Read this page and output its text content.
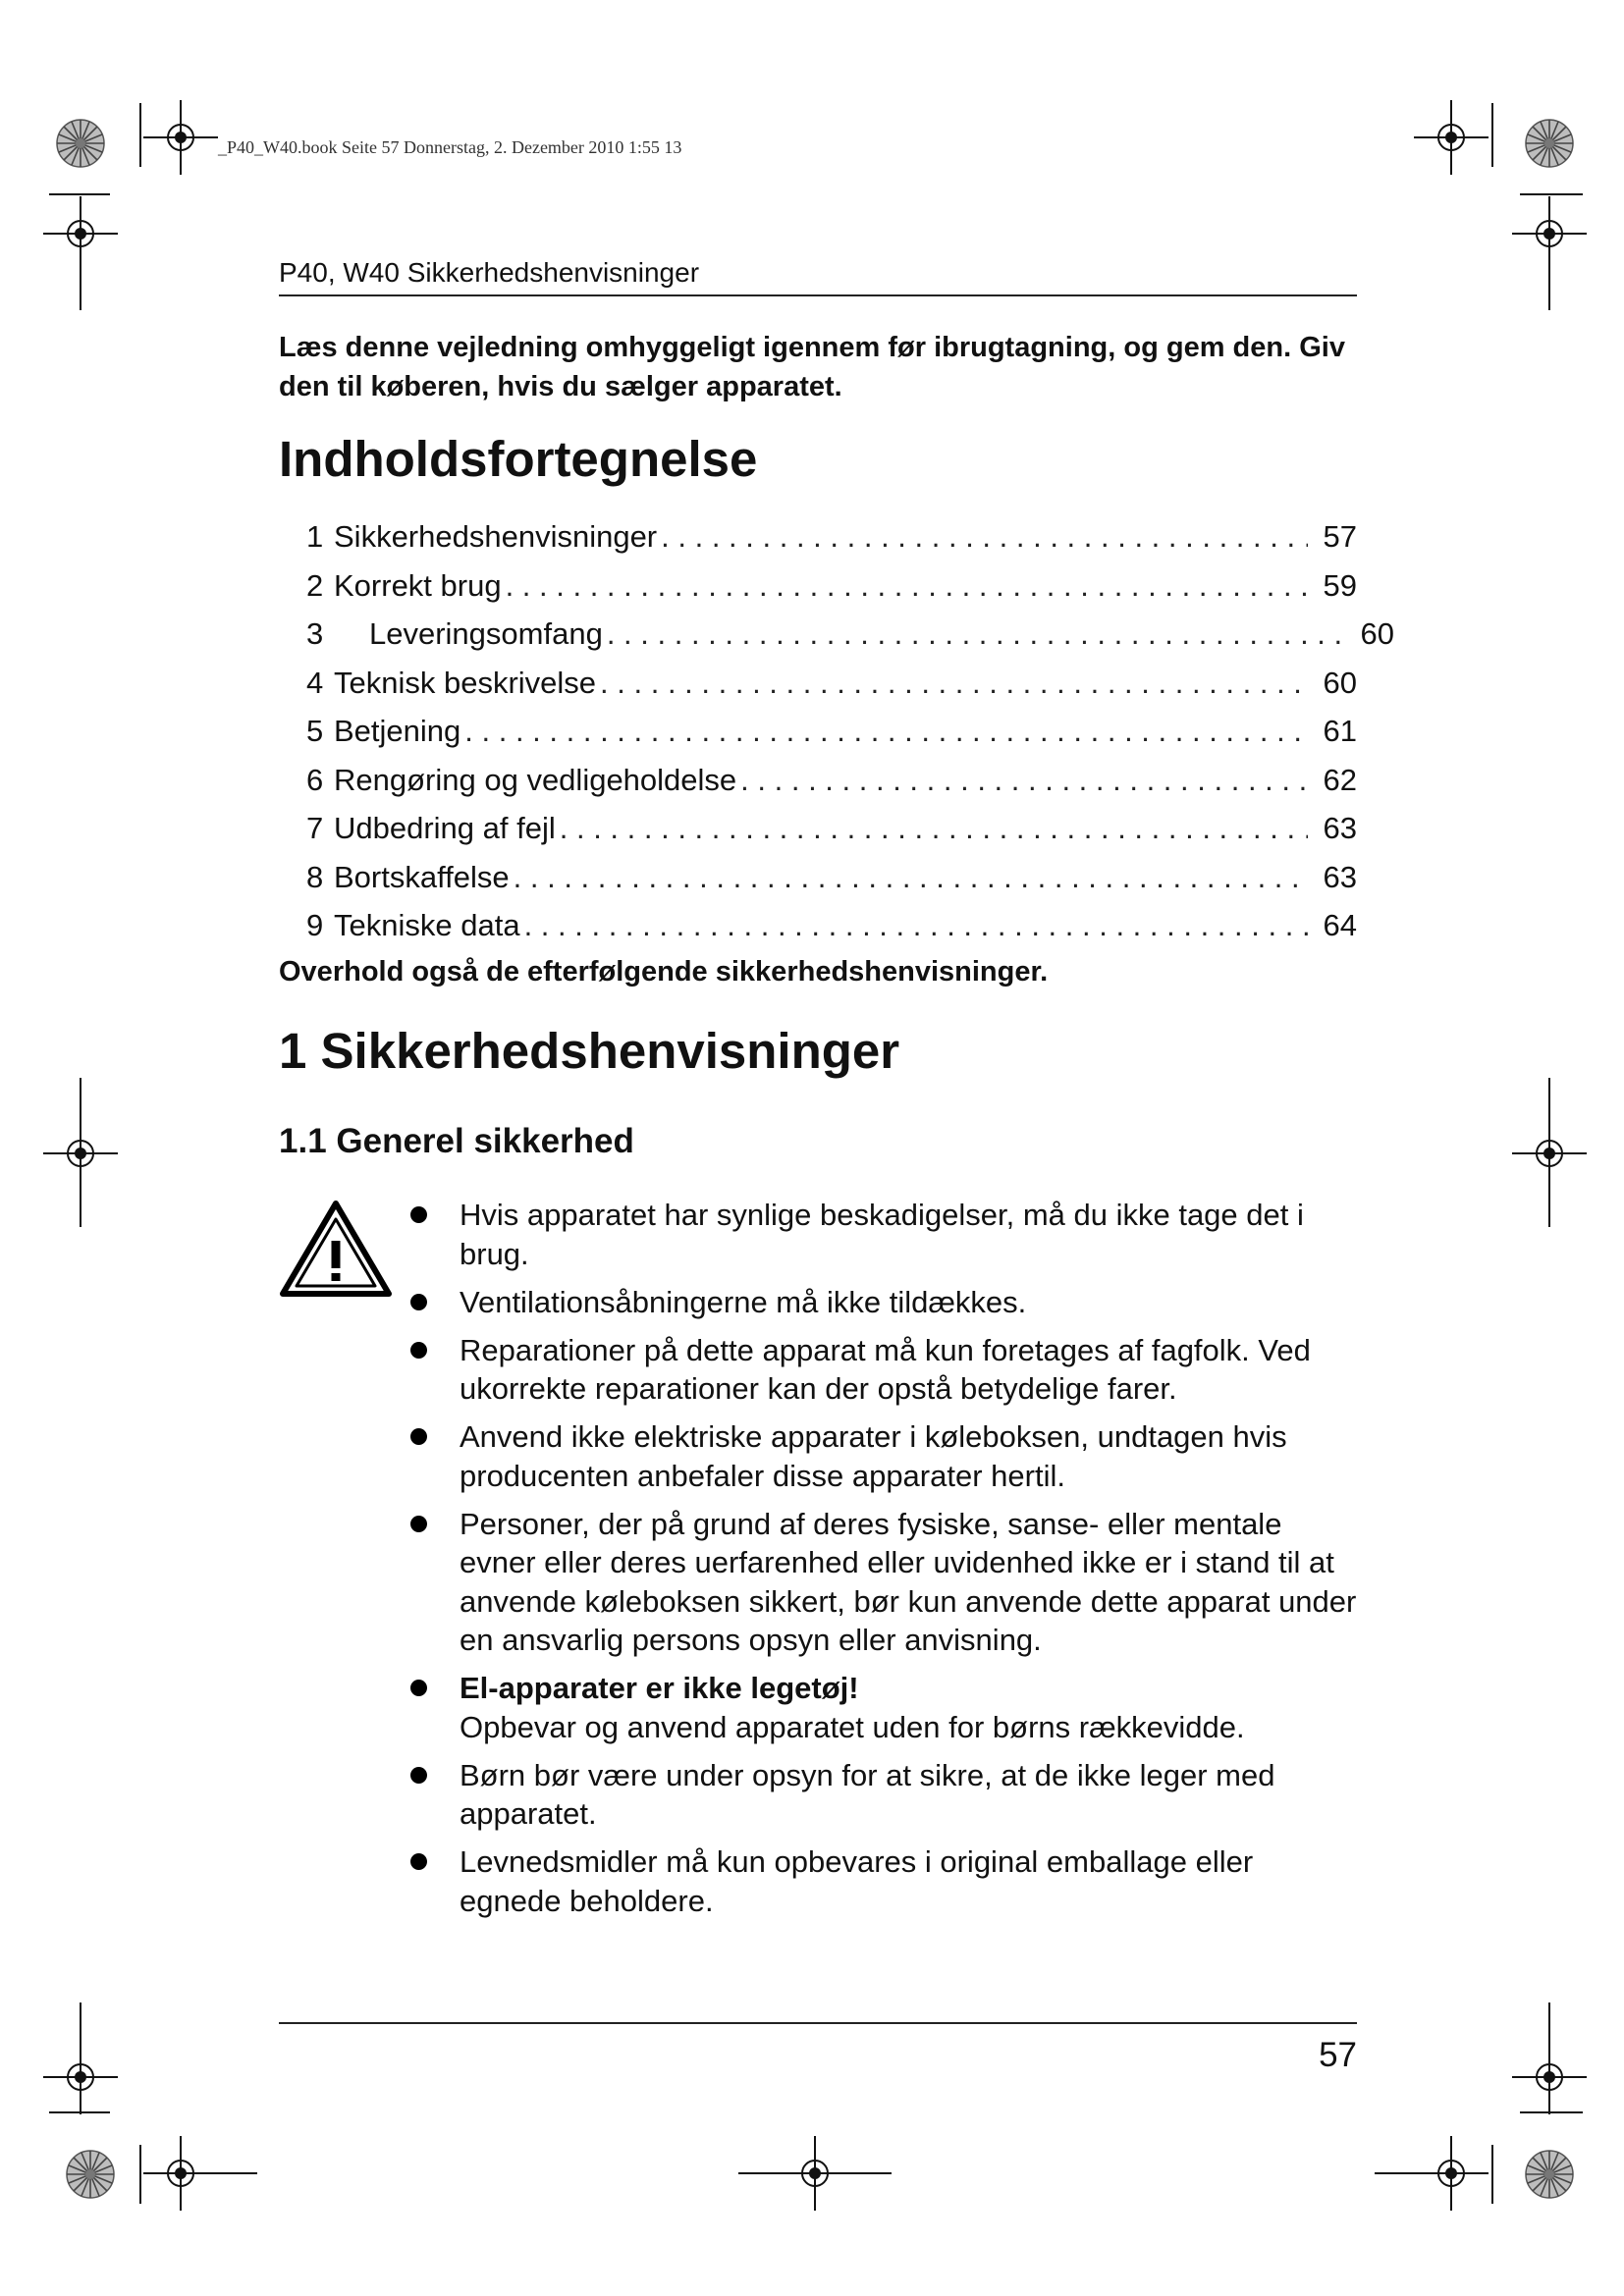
_P40_W40.book Seite 57 Donnerstag, 2. Dezember 2010 1:55 13
P40, W40 Sikkerhedshenvisninger
Læs denne vejledning omhyggeligt igennem før ibrugtagning, og gem den. Giv den til køberen, hvis du sælger apparatet.
Indholdsfortegnelse
1 Sikkerhedshenvisninger . . .	57
2 Korrekt brug . . .	59
3	Leveringsomfang . . .	60
4 Teknisk beskrivelse . . .	60
5 Betjening . . .	61
6 Rengøring og vedligeholdelse . . .	62
7 Udbedring af fejl . . .	63
8 Bortskaffelse . . .	63
9 Tekniske data . . .	64
Overhold også de efterfølgende sikkerhedshenvisninger.
1 Sikkerhedshenvisninger
1.1 Generel sikkerhed
Hvis apparatet har synlige beskadigelser, må du ikke tage det i brug.
Ventilationsåbningerne må ikke tildækkes.
Reparationer på dette apparat må kun foretages af fagfolk. Ved ukorrekte reparationer kan der opstå betydelige farer.
Anvend ikke elektriske apparater i køleboksen, undtagen hvis producenten anbefaler disse apparater hertil.
Personer, der på grund af deres fysiske, sanse- eller mentale evner eller deres uerfarenhed eller uvidenhed ikke er i stand til at anvende køleboksen sikkert, bør kun anvende dette apparat under en ansvarlig persons opsyn eller anvisning.
El-apparater er ikke legetøj!
Opbevar og anvend apparatet uden for børns rækkevidde.
Børn bør være under opsyn for at sikre, at de ikke leger med apparatet.
Levnedsmidler må kun opbevares i original emballage eller egnede beholdere.
57
